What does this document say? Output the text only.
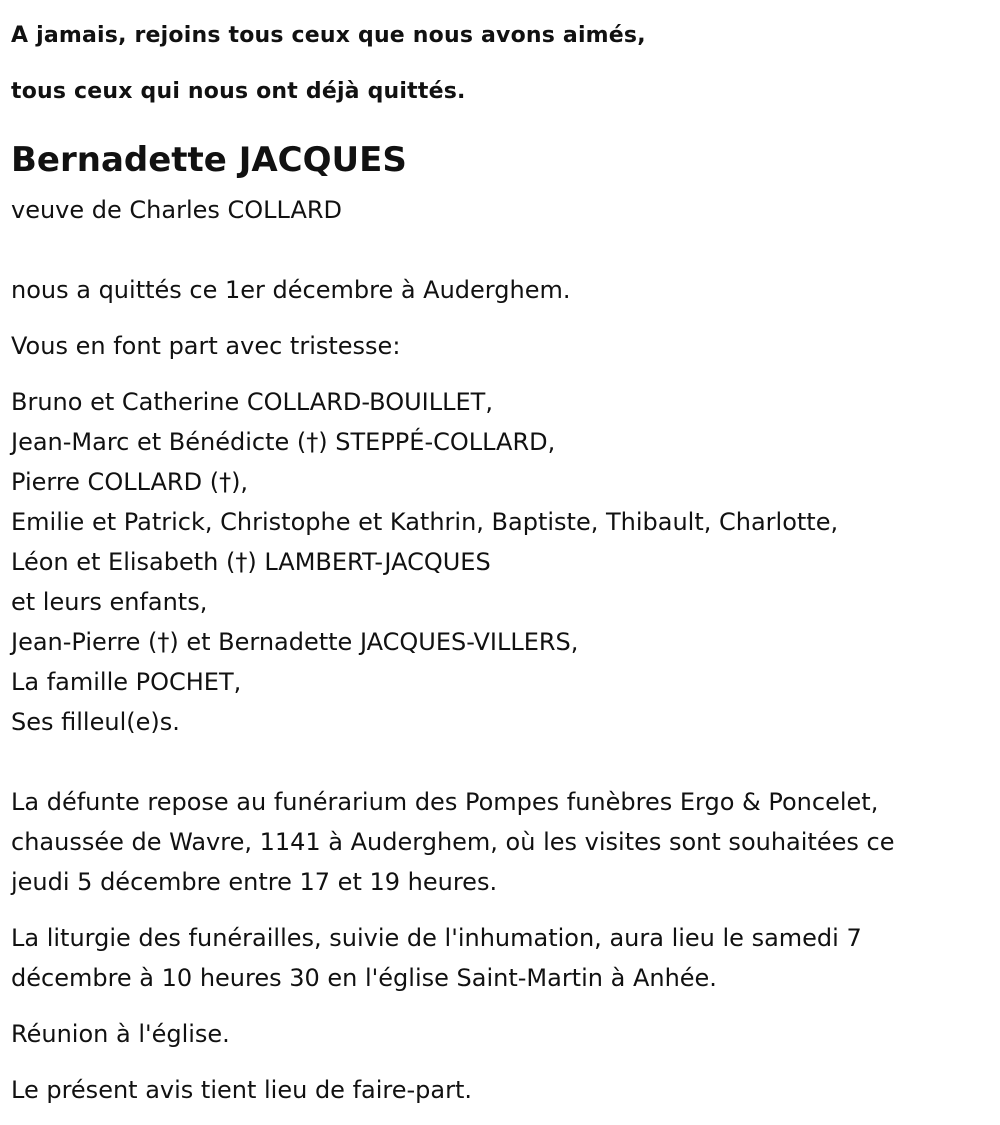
A jamais, rejoins tous ceux que nous avons aimés,
tous ceux qui nous ont déjà quittés.

Bernadette JACQUES

veuve de Charles COLLARD

nous a quittés ce 1er décembre à Auderghem.

Vous en font part avec tristesse:

Bruno et Catherine COLLARD-BOUILLET,
Jean-Marc et Bénédicte (†) STEPPÉ-COLLARD,
Pierre COLLARD (†),
Emilie et Patrick, Christophe et Kathrin, Baptiste, Thibault, Charlotte,
Léon et Elisabeth (†) LAMBERT-JACQUES
et leurs enfants,
Jean-Pierre (†) et Bernadette JACQUES-VILLERS,
La famille POCHET,
Ses filleul(e)s.

La défunte repose au funérarium des Pompes funèbres Ergo & Poncelet,
chaussée de Wavre, 1141 à Auderghem, où les visites sont souhaitées ce
jeudi 5 décembre entre 17 et 19 heures.

La liturgie des funérailles, suivie de l'inhumation, aura lieu le samedi 7
décembre à 10 heures 30 en l'église Saint-Martin à Anhée.

Réunion à l'église.

Le présent avis tient lieu de faire-part.
